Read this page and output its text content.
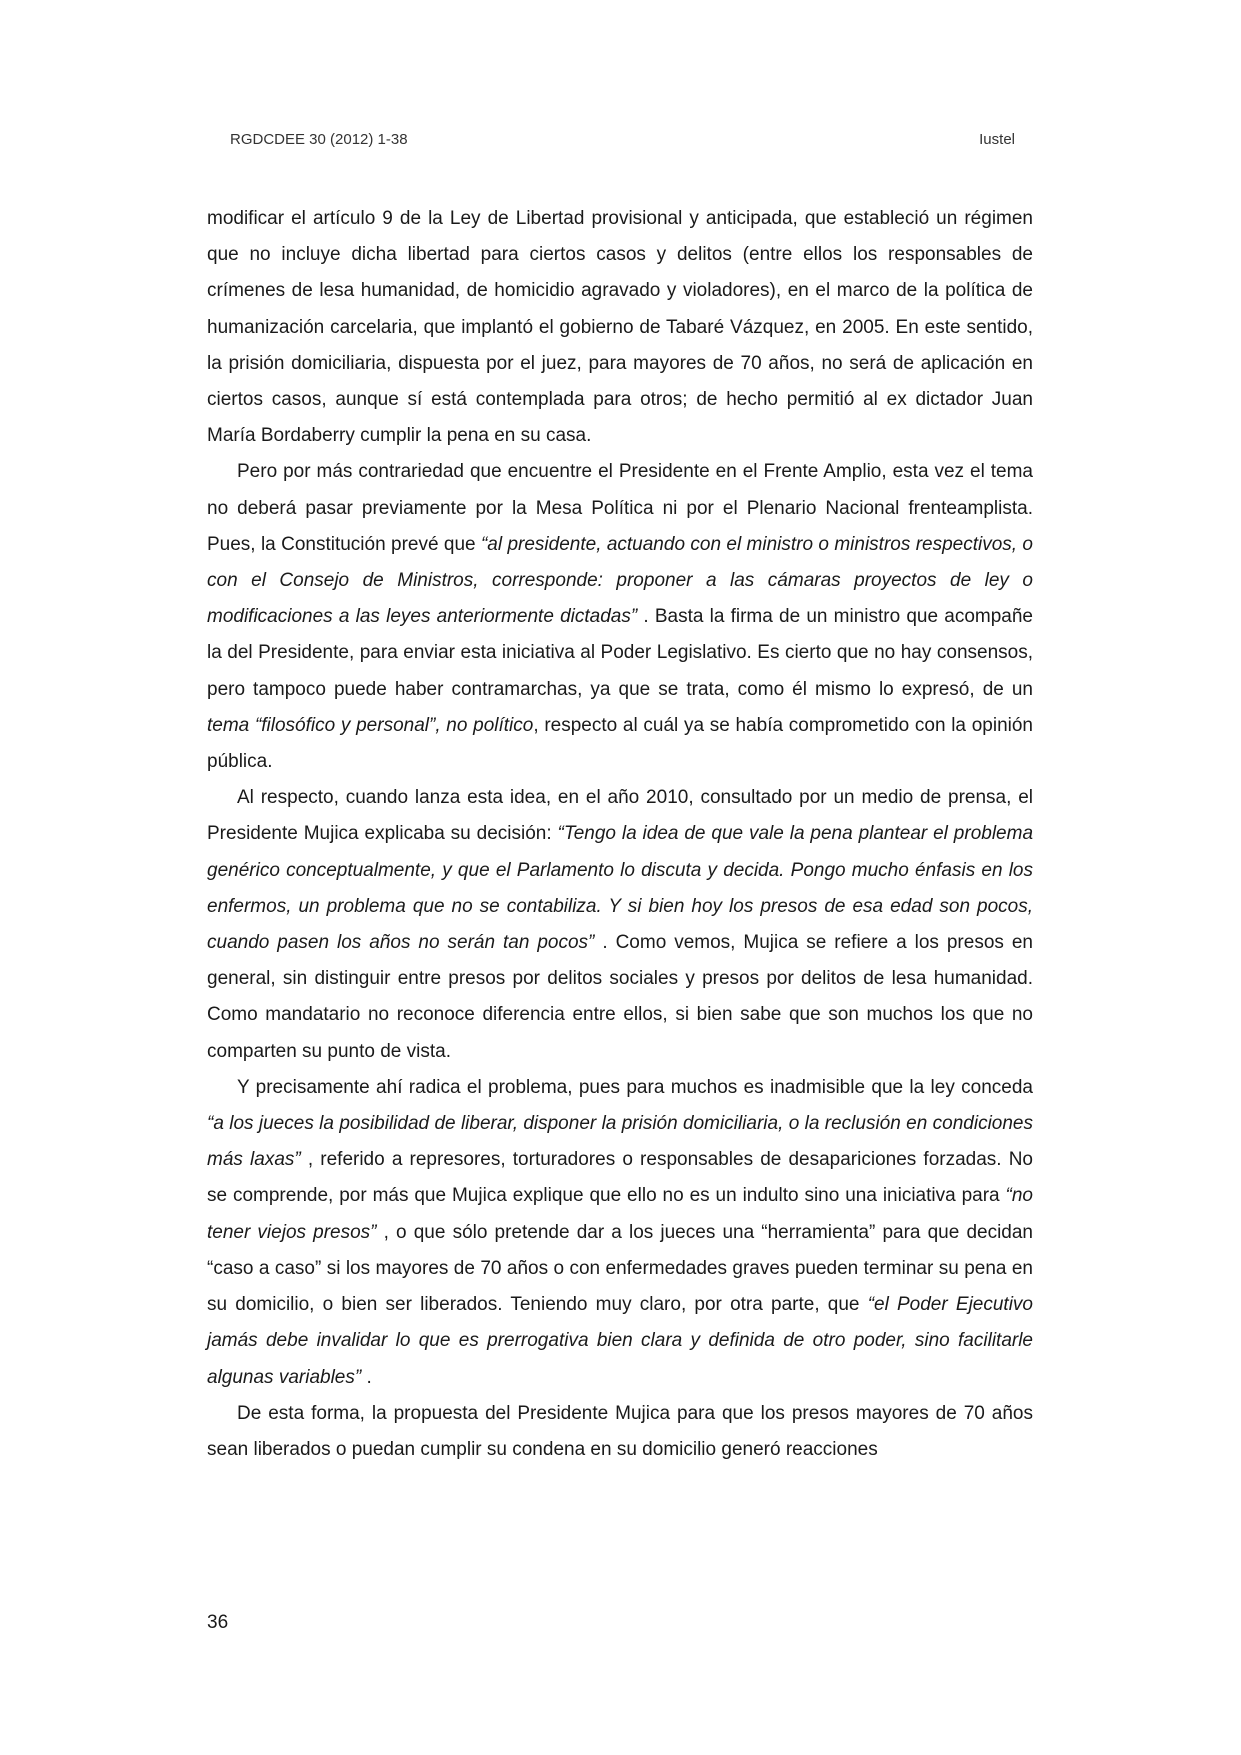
RGDCDEE 30 (2012) 1-38	Iustel

modificar el artículo 9 de la Ley de Libertad provisional y anticipada, que estableció un régimen que no incluye dicha libertad para ciertos casos y delitos (entre ellos los responsables de crímenes de lesa humanidad, de homicidio agravado y violadores), en el marco de la política de humanización carcelaria, que implantó el gobierno de Tabaré Vázquez, en 2005. En este sentido, la prisión domiciliaria, dispuesta por el juez, para mayores de 70 años, no será de aplicación en ciertos casos, aunque sí está contemplada para otros; de hecho permitió al ex dictador Juan María Bordaberry cumplir la pena en su casa.

Pero por más contrariedad que encuentre el Presidente en el Frente Amplio, esta vez el tema no deberá pasar previamente por la Mesa Política ni por el Plenario Nacional frenteamplista. Pues, la Constitución prevé que “al presidente, actuando con el ministro o ministros respectivos, o con el Consejo de Ministros, corresponde: proponer a las cámaras proyectos de ley o modificaciones a las leyes anteriormente dictadas” . Basta la firma de un ministro que acompañe la del Presidente, para enviar esta iniciativa al Poder Legislativo. Es cierto que no hay consensos, pero tampoco puede haber contramarchas, ya que se trata, como él mismo lo expresó, de un tema “filosófico y personal”, no político, respecto al cuál ya se había comprometido con la opinión pública.

Al respecto, cuando lanza esta idea, en el año 2010, consultado por un medio de prensa, el Presidente Mujica explicaba su decisión: “Tengo la idea de que vale la pena plantear el problema genérico conceptualmente, y que el Parlamento lo discuta y decida. Pongo mucho énfasis en los enfermos, un problema que no se contabiliza. Y si bien hoy los presos de esa edad son pocos, cuando pasen los años no serán tan pocos” . Como vemos, Mujica se refiere a los presos en general, sin distinguir entre presos por delitos sociales y presos por delitos de lesa humanidad. Como mandatario no reconoce diferencia entre ellos, si bien sabe que son muchos los que no comparten su punto de vista.

Y precisamente ahí radica el problema, pues para muchos es inadmisible que la ley conceda “a los jueces la posibilidad de liberar, disponer la prisión domiciliaria, o la reclusión en condiciones más laxas” , referido a represores, torturadores o responsables de desapariciones forzadas. No se comprende, por más que Mujica explique que ello no es un indulto sino una iniciativa para “no tener viejos presos” , o que sólo pretende dar a los jueces una “herramienta” para que decidan “caso a caso” si los mayores de 70 años o con enfermedades graves pueden terminar su pena en su domicilio, o bien ser liberados. Teniendo muy claro, por otra parte, que “el Poder Ejecutivo jamás debe invalidar lo que es prerrogativa bien clara y definida de otro poder, sino facilitarle algunas variables” .

De esta forma, la propuesta del Presidente Mujica para que los presos mayores de 70 años sean liberados o puedan cumplir su condena en su domicilio generó reacciones

36
